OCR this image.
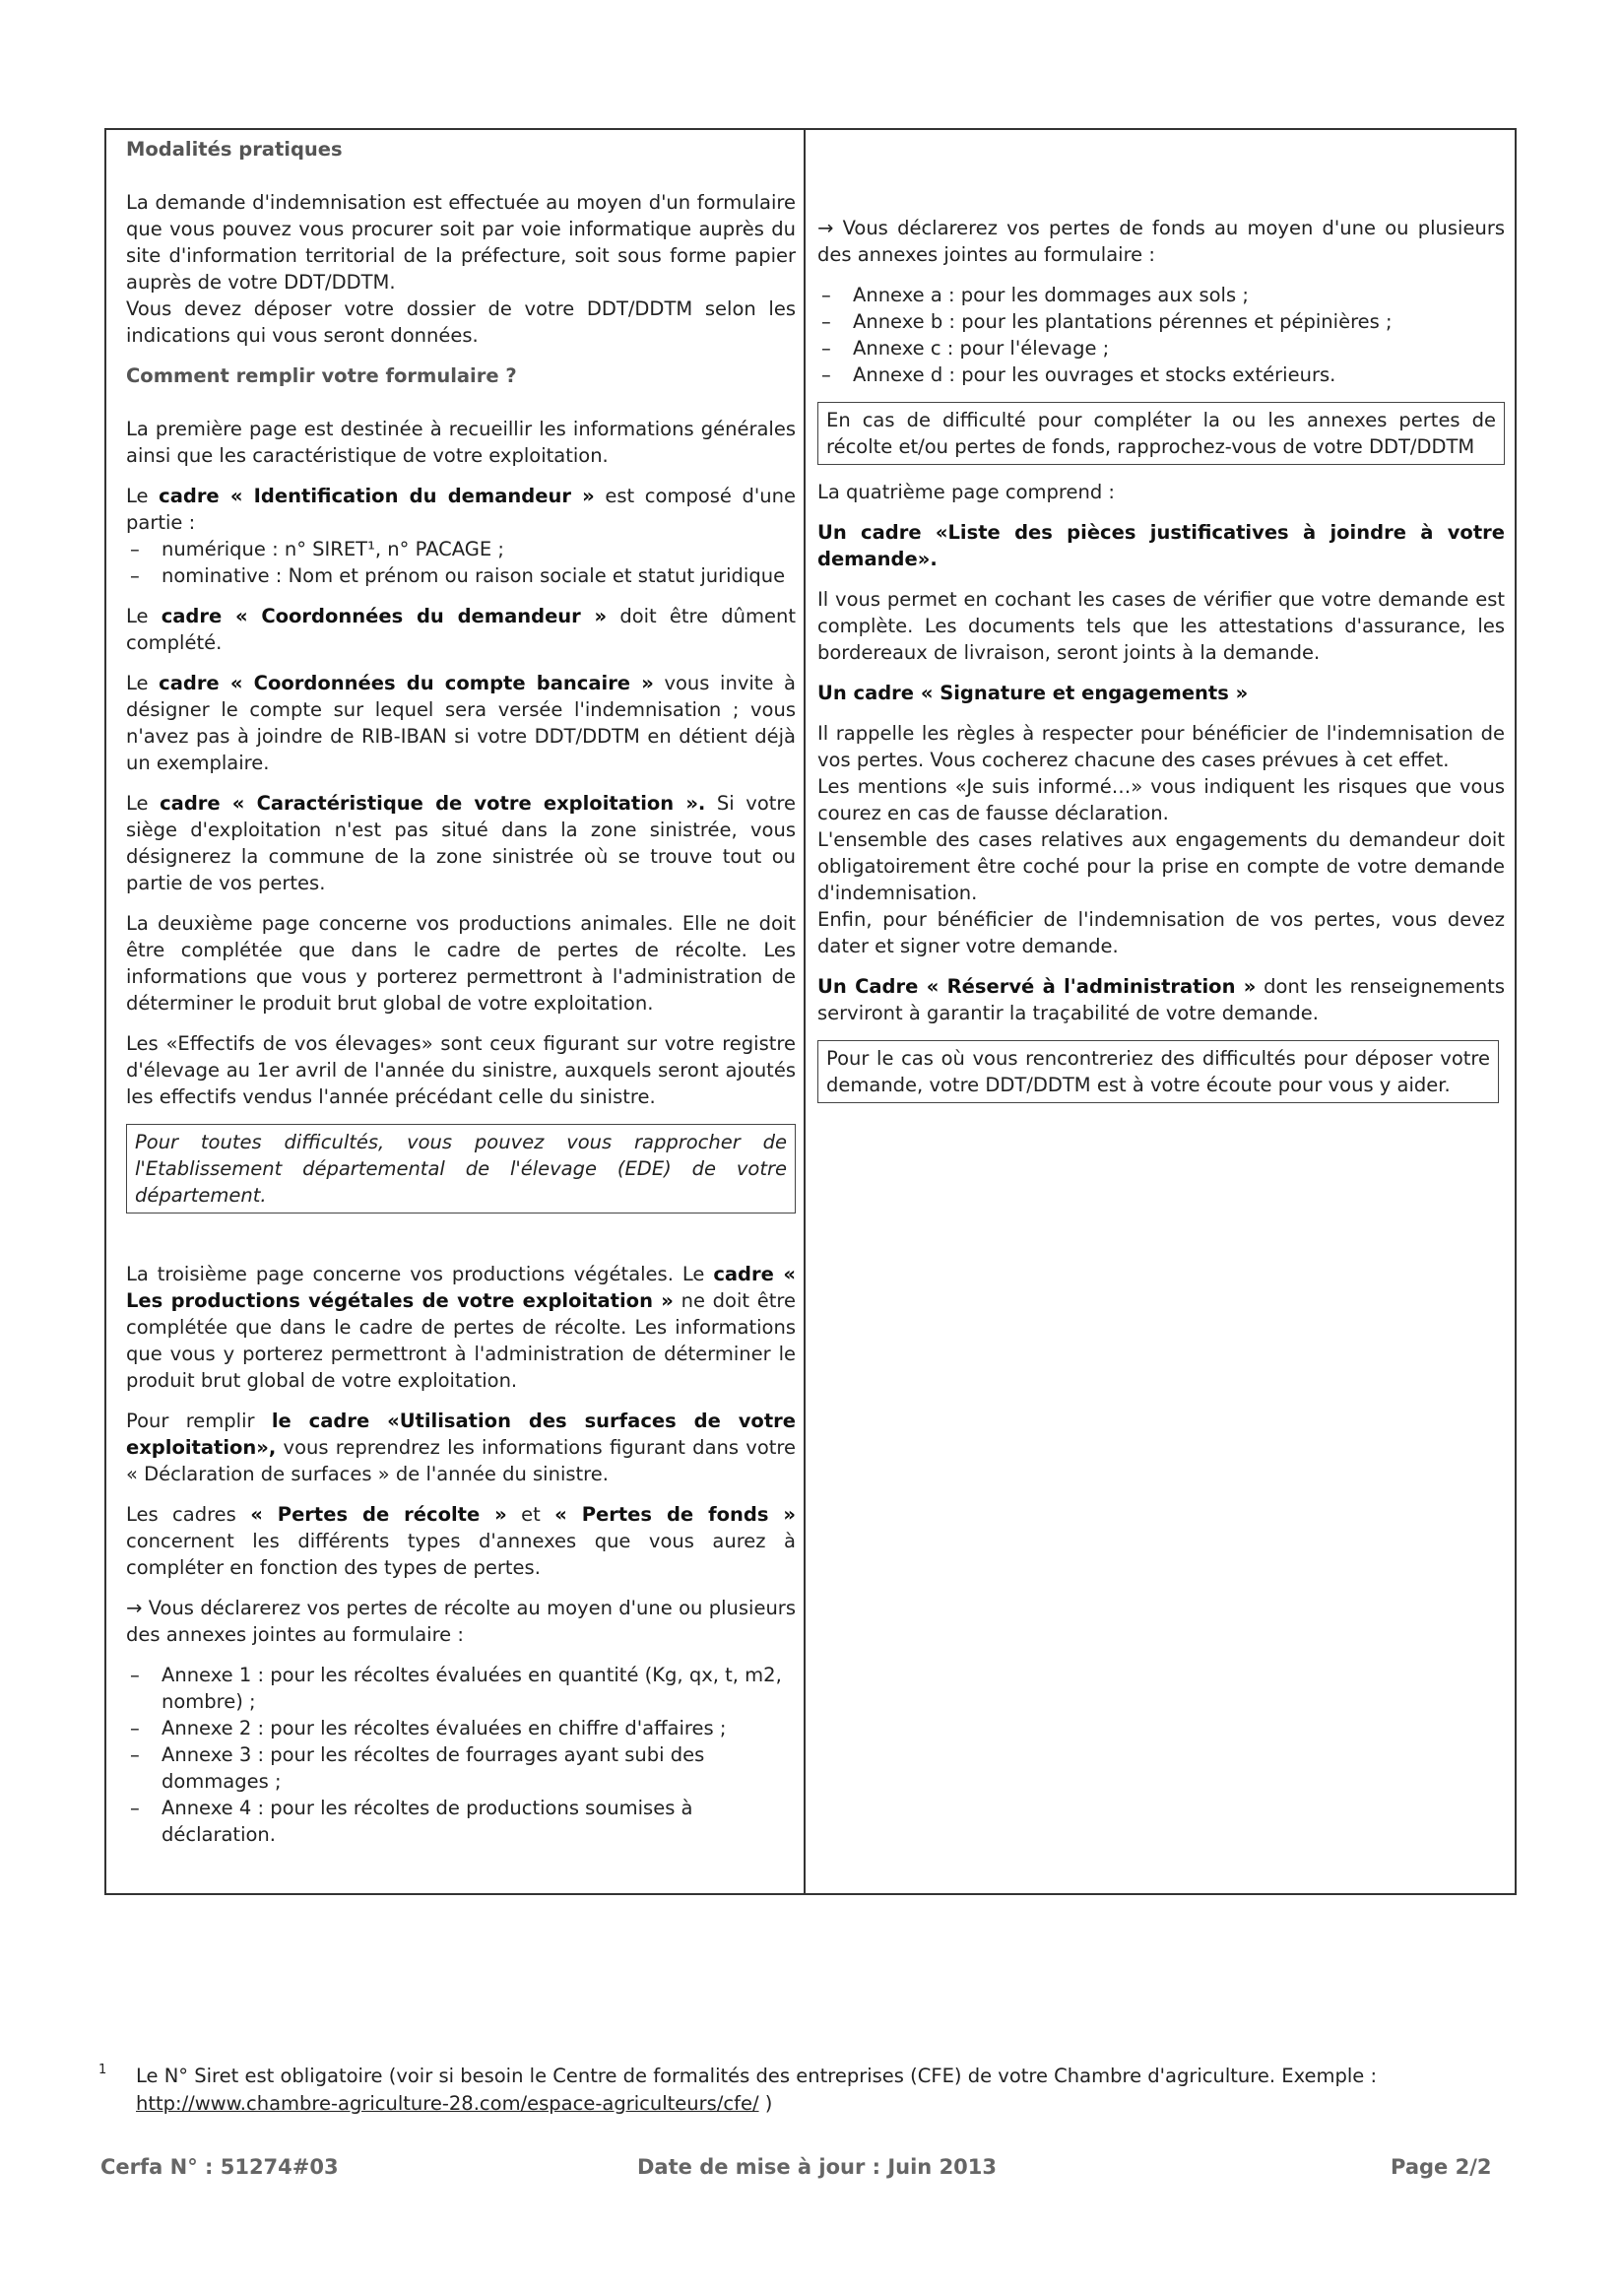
Modalités pratiques

La demande d'indemnisation est effectuée au moyen d'un formulaire que vous pouvez vous procurer soit par voie informatique auprès du site d'information territorial de la préfecture, soit sous forme papier auprès de votre DDT/DDTM.

Vous devez déposer votre dossier de votre DDT/DDTM selon les indications qui vous seront données.

Comment remplir votre formulaire ?

La première page est destinée à recueillir les informations générales ainsi que les caractéristique de votre exploitation.

Le cadre « Identification du demandeur » est composé d'une partie :

– numérique : n° SIRET¹, n° PACAGE ;
– nominative : Nom et prénom ou raison sociale et statut juridique

Le cadre « Coordonnées du demandeur » doit être dûment complété.

Le cadre « Coordonnées du compte bancaire » vous invite à désigner le compte sur lequel sera versée l'indemnisation ; vous n'avez pas à joindre de RIB-IBAN si votre DDT/DDTM en détient déjà un exemplaire.

Le cadre « Caractéristique de votre exploitation ». Si votre siège d'exploitation n'est pas situé dans la zone sinistrée, vous désignerez la commune de la zone sinistrée où se trouve tout ou partie de vos pertes.

La deuxième page concerne vos productions animales. Elle ne doit être complétée que dans le cadre de pertes de récolte. Les informations que vous y porterez permettront à l'administration de déterminer le produit brut global de votre exploitation.

Les «Effectifs de vos élevages» sont ceux figurant sur votre registre d'élevage au 1er avril de l'année du sinistre, auxquels seront ajoutés les effectifs vendus l'année précédant celle du sinistre.

Pour toutes difficultés, vous pouvez vous rapprocher de l'Etablissement départemental de l'élevage (EDE) de votre département.

La troisième page concerne vos productions végétales. Le cadre « Les productions végétales de votre exploitation » ne doit être complétée que dans le cadre de pertes de récolte. Les informations que vous y porterez permettront à l'administration de déterminer le produit brut global de votre exploitation.

Pour remplir le cadre «Utilisation des surfaces de votre exploitation», vous reprendrez les informations figurant dans votre « Déclaration de surfaces » de l'année du sinistre.

Les cadres « Pertes de récolte » et « Pertes de fonds » concernent les différents types d'annexes que vous aurez à compléter en fonction des types de pertes.

→ Vous déclarerez vos pertes de récolte au moyen d'une ou plusieurs des annexes jointes au formulaire :

– Annexe 1 : pour les récoltes évaluées en quantité (Kg, qx, t, m2, nombre) ;
– Annexe 2 : pour les récoltes évaluées en chiffre d'affaires ;
– Annexe 3 : pour les récoltes de fourrages ayant subi des dommages ;
– Annexe 4 : pour les récoltes de productions soumises à déclaration.

→ Vous déclarerez vos pertes de fonds au moyen d'une ou plusieurs des annexes jointes au formulaire :

– Annexe a : pour les dommages aux sols ;
– Annexe b : pour les plantations pérennes et pépinières ;
– Annexe c : pour l'élevage ;
– Annexe d : pour les ouvrages et stocks extérieurs.
En cas de difficulté pour compléter la ou les annexes pertes de récolte et/ou pertes de fonds, rapprochez-vous de votre DDT/DDTM

La quatrième page comprend :

Un cadre «Liste des pièces justificatives à joindre à votre demande».

Il vous permet en cochant les cases de vérifier que votre demande est complète. Les documents tels que les attestations d'assurance, les bordereaux de livraison, seront joints à la demande.

Un cadre « Signature et engagements »

Il rappelle les règles à respecter pour bénéficier de l'indemnisation de vos pertes. Vous cocherez chacune des cases prévues à cet effet.

Les mentions «Je suis informé…» vous indiquent les risques que vous courez en cas de fausse déclaration.

L'ensemble des cases relatives aux engagements du demandeur doit obligatoirement être coché pour la prise en compte de votre demande d'indemnisation.

Enfin, pour bénéficier de l'indemnisation de vos pertes, vous devez dater et signer votre demande.

Un Cadre « Réservé à l'administration » dont les renseignements serviront à garantir la traçabilité de votre demande.

Pour le cas où vous rencontreriez des difficultés pour déposer votre demande, votre DDT/DDTM est à votre écoute pour vous y aider.
1 Le N° Siret est obligatoire (voir si besoin le Centre de formalités des entreprises (CFE) de votre Chambre d'agriculture. Exemple :
http://www.chambre-agriculture-28.com/espace-agriculteurs/cfe/ )
Cerfa N° : 51274#03	Date de mise à jour : Juin 2013	Page 2/2
